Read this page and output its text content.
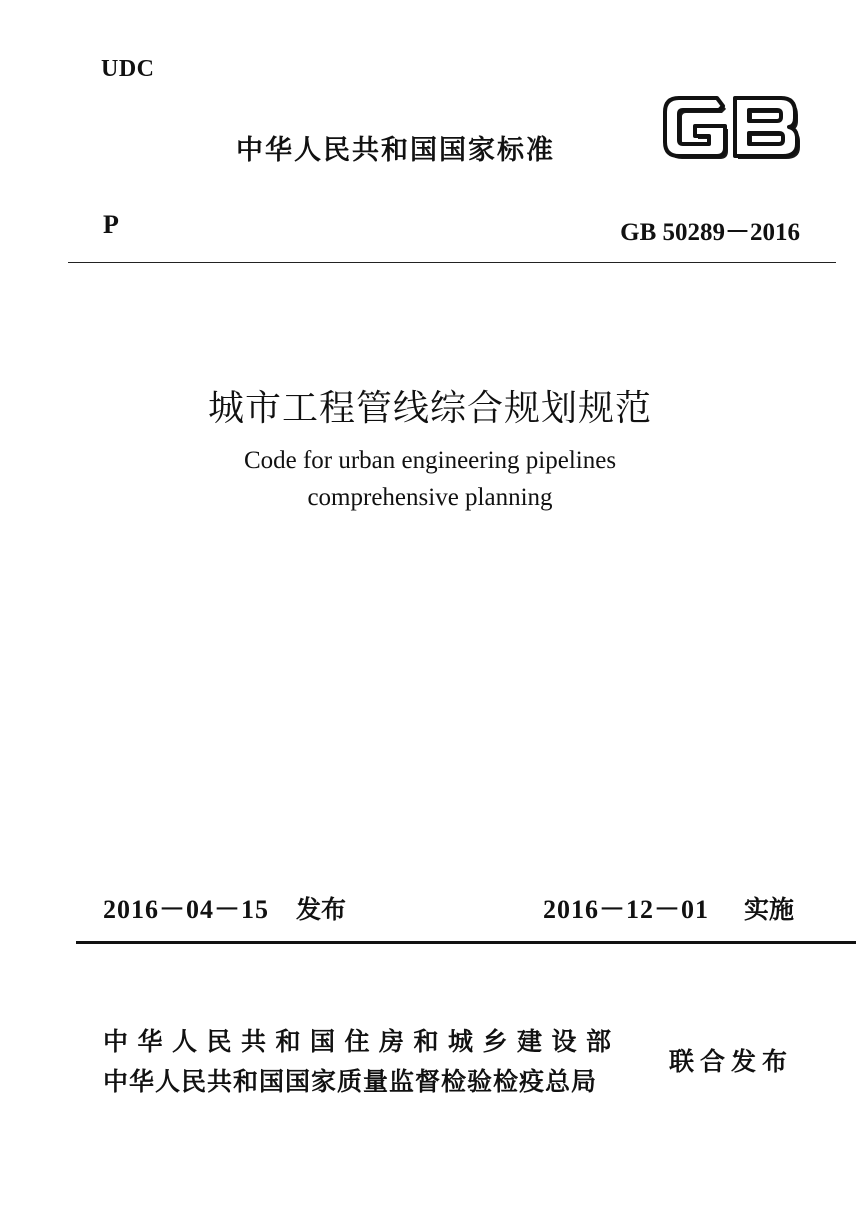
UDC
中华人民共和国国家标准
P	GB 50289－2016
城市工程管线综合规划规范
Code for urban engineering pipelines
comprehensive planning
2016－04－15 发布	2016－12－01 实施
中华人民共和国住房和城乡建设部
中华人民共和国国家质量监督检验检疫总局
联合发布
